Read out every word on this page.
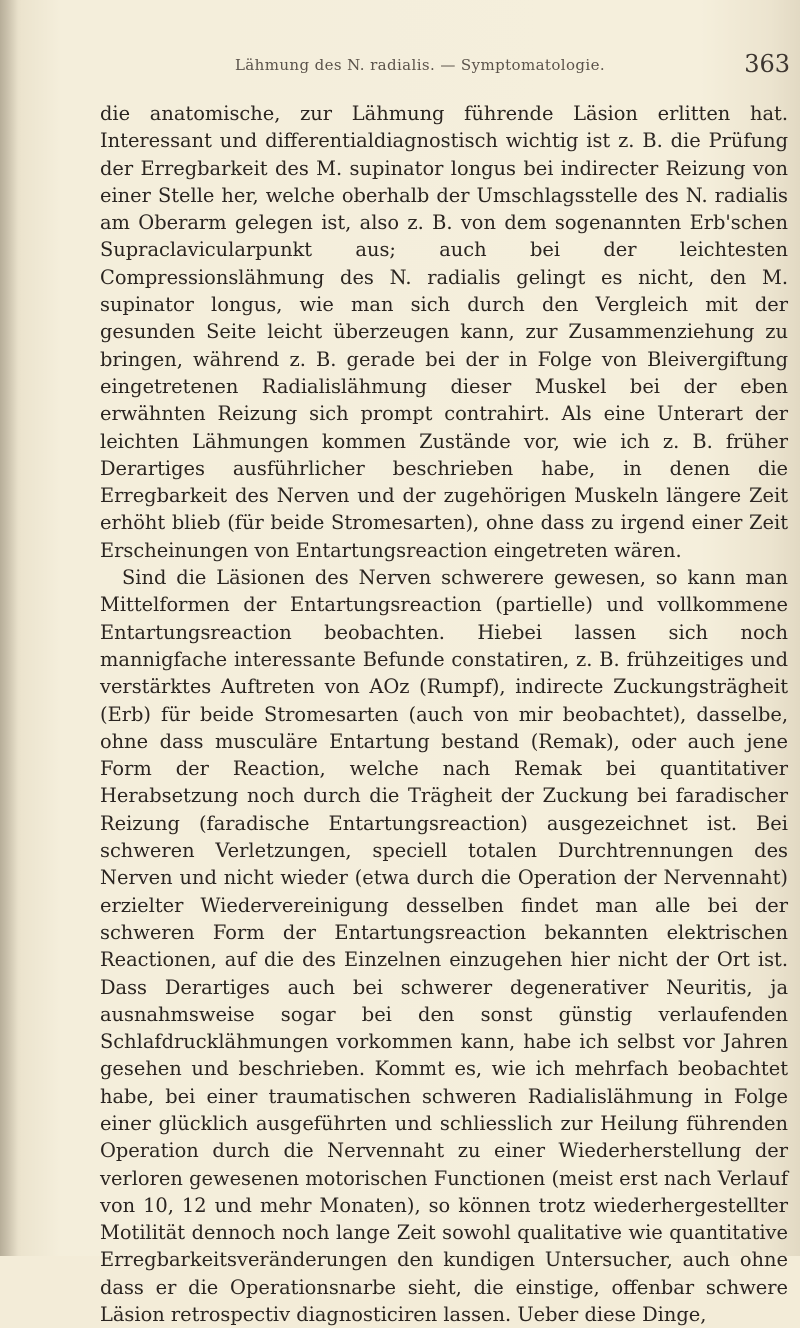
Lähmung des N. radialis. — Symptomatologie.	363

die anatomische, zur Lähmung führende Läsion erlitten hat. Interessant und differentialdiagnostisch wichtig ist z. B. die Prüfung der Erregbarkeit des M. supinator longus bei indirecter Reizung von einer Stelle her, welche oberhalb der Umschlagsstelle des N. radialis am Oberarm gelegen ist, also z. B. von dem sogenannten Erb'schen Supraclavicularpunkt aus; auch bei der leichtesten Compressionslähmung des N. radialis gelingt es nicht, den M. supinator longus, wie man sich durch den Vergleich mit der gesunden Seite leicht überzeugen kann, zur Zusammenziehung zu bringen, während z. B. gerade bei der in Folge von Bleivergiftung eingetretenen Radialislähmung dieser Muskel bei der eben erwähnten Reizung sich prompt contrahirt. Als eine Unterart der leichten Lähmungen kommen Zustände vor, wie ich z. B. früher Derartiges ausführlicher beschrieben habe, in denen die Erregbarkeit des Nerven und der zugehörigen Muskeln längere Zeit erhöht blieb (für beide Stromesarten), ohne dass zu irgend einer Zeit Erscheinungen von Entartungsreaction eingetreten wären.

Sind die Läsionen des Nerven schwerere gewesen, so kann man Mittelformen der Entartungsreaction (partielle) und vollkommene Entartungsreaction beobachten. Hiebei lassen sich noch mannigfache interessante Befunde constatiren, z. B. frühzeitiges und verstärktes Auftreten von AOz (Rumpf), indirecte Zuckungsträgheit (Erb) für beide Stromesarten (auch von mir beobachtet), dasselbe, ohne dass musculäre Entartung bestand (Remak), oder auch jene Form der Reaction, welche nach Remak bei quantitativer Herabsetzung noch durch die Trägheit der Zuckung bei faradischer Reizung (faradische Entartungsreaction) ausgezeichnet ist. Bei schweren Verletzungen, speciell totalen Durchtrennungen des Nerven und nicht wieder (etwa durch die Operation der Nervennaht) erzielter Wiedervereinigung desselben findet man alle bei der schweren Form der Entartungsreaction bekannten elektrischen Reactionen, auf die des Einzelnen einzugehen hier nicht der Ort ist. Dass Derartiges auch bei schwerer degenerativer Neuritis, ja ausnahmsweise sogar bei den sonst günstig verlaufenden Schlafdrucklähmungen vorkommen kann, habe ich selbst vor Jahren gesehen und beschrieben. Kommt es, wie ich mehrfach beobachtet habe, bei einer traumatischen schweren Radialislähmung in Folge einer glücklich ausgeführten und schliesslich zur Heilung führenden Operation durch die Nervennaht zu einer Wiederherstellung der verloren gewesenen motorischen Functionen (meist erst nach Verlauf von 10, 12 und mehr Monaten), so können trotz wiederhergestellter Motilität dennoch noch lange Zeit sowohl qualitative wie quantitative Erregbarkeitsveränderungen den kundigen Untersucher, auch ohne dass er die Operationsnarbe sieht, die einstige, offenbar schwere Läsion retrospectiv diagnosticiren lassen. Ueber diese Dinge,
